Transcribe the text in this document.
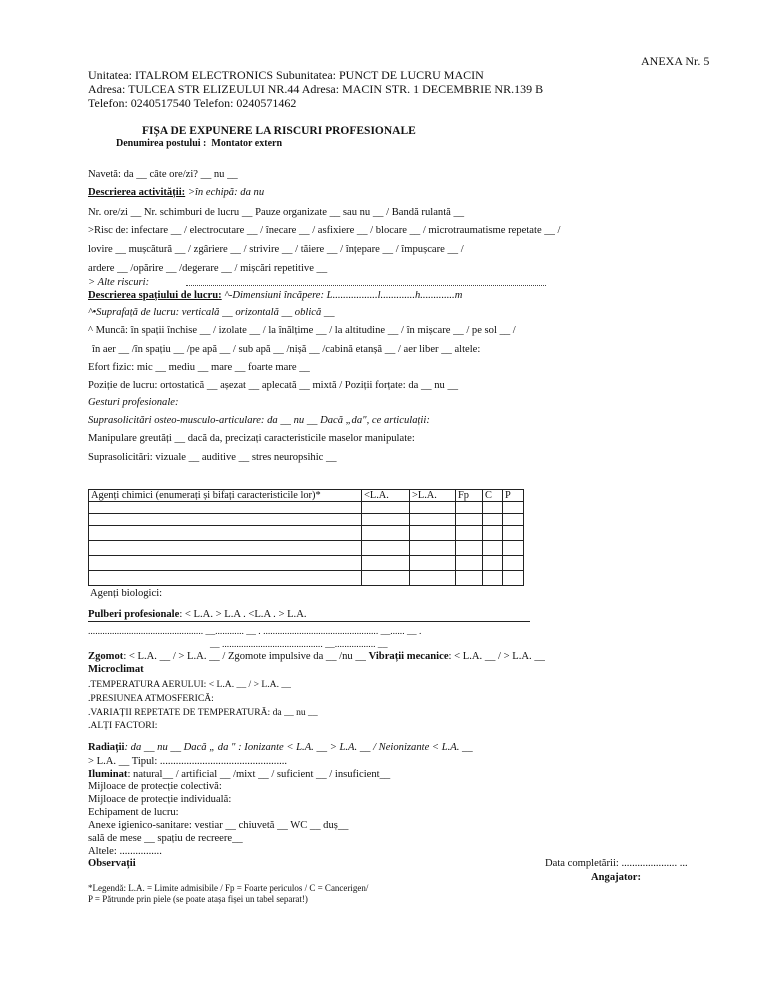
ANEXA Nr. 5
Unitatea: ITALROM ELECTRONICS Subunitatea: PUNCT DE LUCRU MACIN
Adresa: TULCEA STR ELIZEULUI NR.44 Adresa: MACIN STR. 1 DECEMBRIE NR.139 B
Telefon: 0240517540 Telefon: 0240571462
FIȘA DE EXPUNERE LA RISCURI PROFESIONALE
Denumirea postului : Montator extern
Navetă: da __ câte ore/zi? __ nu __
Descrierea activității: >în echipă: da nu
Nr. ore/zi __ Nr. schimburi de lucru __ Pauze organizate __ sau nu __ / Bandă rulantă __
>Risc de: infectare __ / electrocutare __ / înecare __ / asfixiere __ / blocare __ / microtraumatisme repetate __ /
lovire __ mușcătură __ / zgâriere __ / strivire __ / tăiere __ / înțepare __ / împușcare __ /
ardere __ /opărire __ /degerare __ / mișcări repetitive __
> Alte riscuri:
Descrierea spațiului de lucru: ^-Dimensiuni încăpere: L.................l.............h.............m
^•Suprafață de lucru: verticală __ orizontală __ oblică __
^ Muncă: în spații închise __ / izolate __ / la înălțime __ / la altitudine __ / în mișcare __ / pe sol __ /
în aer __ /în spațiu __ /pe apă __ / sub apă __ /nișă __ /cabină etanșă __ / aer liber __ altele:
Efort fizic: mic __ mediu __ mare __ foarte mare __
Poziție de lucru: ortostatică __ așezat __ aplecată __ mixtă / Poziții forțate: da __ nu __
Gesturi profesionale:
Suprasolicitări osteo-musculo-articulare: da __ nu __ Dacă „da", ce articulații:
Manipulare greutăți __ dacă da, precizați caracteristicile maselor manipulate:
Suprasolicitări: vizuale __ auditive __ stres neuropsihic __
Agenți chimici (enumerați și bifați caracteristicile lor)*	<L.A.	>L.A.	Fp	C	P

Agenți biologici:
Pulberi profesionale: < L.A. > L.A . <L.A . > L.A.
................................................ __............ __ . ................................................ __...... __ .
__ .......................................... __................. __
Zgomot: < L.A. __ / > L.A. __ / Zgomote impulsive da __ /nu __ Vibrații mecanice: < L.A. __ / > L.A. __
Microclimat
.TEMPERATURA AERULUI: < L.A. __ / > L.A. __
.PRESIUNEA ATMOSFERICĂ:
.VARIAȚII REPETATE DE TEMPERATURĂ: da __ nu __
.ALȚI FACTORI:
Radiații: da __ nu __ Dacă „ da " : Ionizante < L.A. __ > L.A. __ / Neionizante < L.A. __
> L.A. __ Tipul: ................................................
Iluminat: natural__ / artificial __ /mixt __ / suficient __ / insuficient__
Mijloace de protecție colectivă:
Mijloace de protecție individuală:
Echipament de lucru:
Anexe igienico-sanitare: vestiar __ chiuvetă __ WC __ duș__
sală de mese __ spațiu de recreere__
Altele: ................
Observații	Data completării: ..................... ...
Angajator:
*Legendă: L.A. = Limite admisibile / Fp = Foarte periculos / C = Cancerigen/
P = Pătrunde prin piele (se poate atașa fișei un tabel separat!)
